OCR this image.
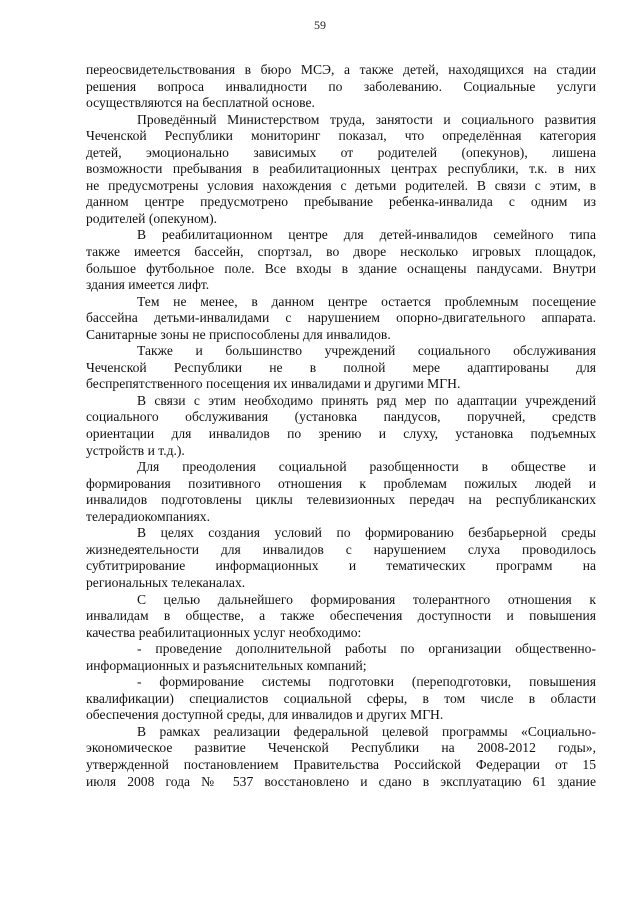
59
переосвидетельствования в бюро МСЭ, а также детей, находящихся на стадии
решения вопроса инвалидности по заболеванию. Социальные услуги
осуществляются на бесплатной основе.
Проведённый Министерством труда, занятости и социального развития
Чеченской Республики мониторинг показал, что определённая категория
детей, эмоционально зависимых от родителей (опекунов), лишена
возможности пребывания в реабилитационных центрах республики, т.к. в них
не предусмотрены условия нахождения с детьми родителей. В связи с этим, в
данном центре предусмотрено пребывание ребенка-инвалида с одним из
родителей (опекуном).
В реабилитационном центре для детей-инвалидов семейного типа
также имеется бассейн, спортзал, во дворе несколько игровых площадок,
большое футбольное поле. Все входы в здание оснащены пандусами. Внутри
здания имеется лифт.
Тем не менее, в данном центре остается проблемным посещение
бассейна детьми-инвалидами с нарушением опорно-двигательного аппарата.
Санитарные зоны не приспособлены для инвалидов.
Также и большинство учреждений социального обслуживания
Чеченской Республики не в полной мере адаптированы для
беспрепятственного посещения их инвалидами и другими МГН.
В связи с этим необходимо принять ряд мер по адаптации учреждений
социального обслуживания (установка пандусов, поручней, средств
ориентации для инвалидов по зрению и слуху, установка подъемных
устройств и т.д.).
Для преодоления социальной разобщенности в обществе и
формирования позитивного отношения к проблемам пожилых людей и
инвалидов подготовлены циклы телевизионных передач на республиканских
телерадиокомпаниях.
В целях создания условий по формированию безбарьерной среды
жизнедеятельности для инвалидов с нарушением слуха проводилось
субтитрирование информационных и тематических программ на
региональных телеканалах.
С целью дальнейшего формирования толерантного отношения к
инвалидам в обществе, а также обеспечения доступности и повышения
качества реабилитационных услуг необходимо:
- проведение дополнительной работы по организации общественно-
информационных и разъяснительных компаний;
- формирование системы подготовки (переподготовки, повышения
квалификации) специалистов социальной сферы, в том числе в области
обеспечения доступной среды, для инвалидов и других МГН.
В рамках реализации федеральной целевой программы «Социально-
экономическое развитие Чеченской Республики на 2008-2012 годы»,
утвержденной постановлением Правительства Российской Федерации от 15
июля 2008 года № 537 восстановлено и сдано в эксплуатацию 61 здание
